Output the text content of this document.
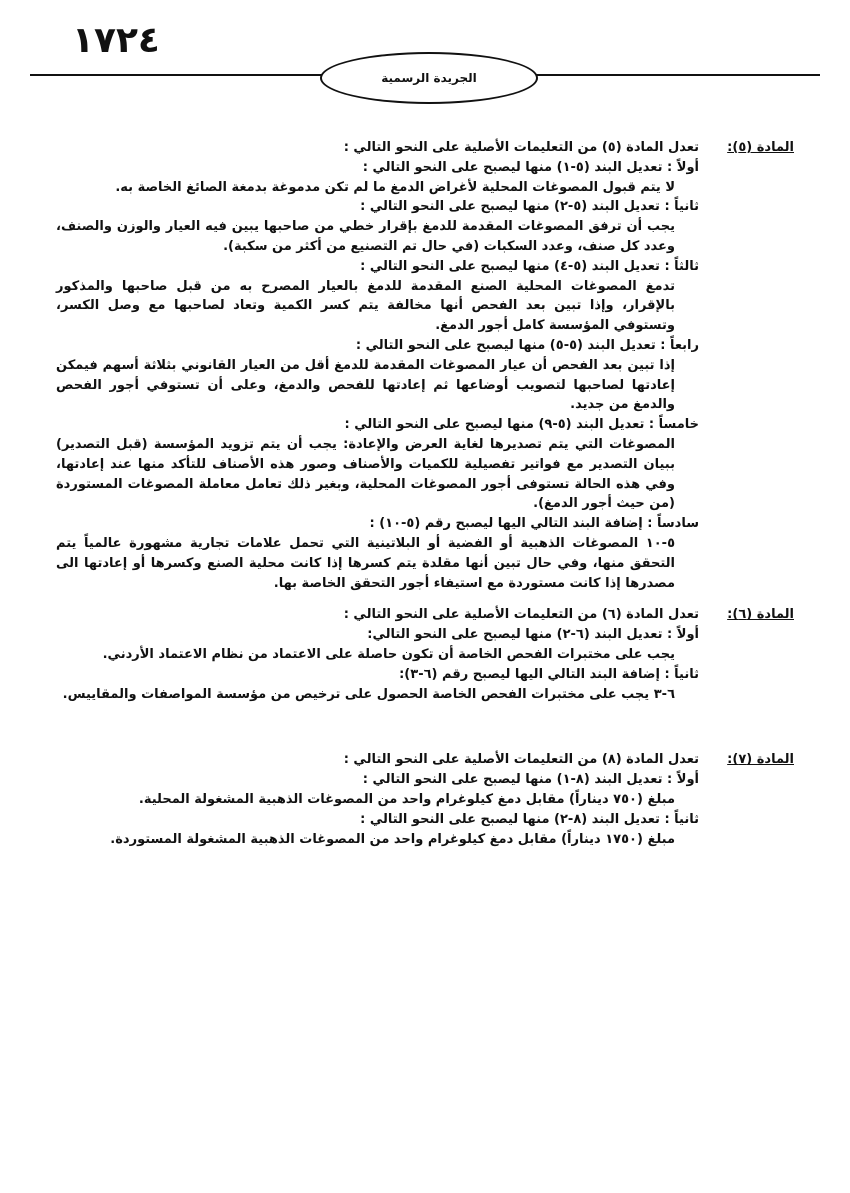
١٧٢٤
الجريدة الرسمية
المادة (٥):
تعدل المادة (٥) من التعليمات الأصلية على النحو التالي :
أولاً : تعديل البند (٥-١) منها ليصبح على النحو التالي :
لا يتم قبول المصوغات المحلية لأغراض الدمغ ما لم تكن مدموغة بدمغة الصائغ الخاصة به.
ثانياً : تعديل البند (٥-٢) منها ليصبح على النحو التالي :
يجب أن ترفق المصوغات المقدمة للدمغ بإقرار خطي من صاحبها يبين فيه العيار والوزن والصنف، وعدد كل صنف، وعدد السكبات (في حال تم التصنيع من أكثر من سكبة).
ثالثاً : تعديل البند (٥-٤) منها ليصبح على النحو التالي :
تدمغ المصوغات المحلية الصنع المقدمة للدمغ بالعيار المصرح به من قبل صاحبها والمذكور بالإقرار، وإذا تبين بعد الفحص أنها مخالفة يتم كسر الكمية وتعاد لصاحبها مع وصل الكسر، وتستوفي المؤسسة كامل أجور الدمغ.
رابعاً : تعديل البند (٥-٥) منها ليصبح على النحو التالي :
إذا تبين بعد الفحص أن عيار المصوغات المقدمة للدمغ أقل من العيار القانوني بثلاثة أسهم فيمكن إعادتها لصاحبها لتصويب أوضاعها ثم إعادتها للفحص والدمغ، وعلى أن تستوفي أجور الفحص والدمغ من جديد.
خامساً : تعديل البند (٥-٩) منها ليصبح على النحو التالي :
المصوغات التي يتم تصديرها لغاية العرض والإعادة: يجب أن يتم تزويد المؤسسة (قبل التصدير) ببيان التصدير مع فواتير تفصيلية للكميات والأصناف وصور هذه الأصناف للتأكد منها عند إعادتها، وفي هذه الحالة تستوفى أجور المصوغات المحلية، وبغير ذلك تعامل معاملة المصوغات المستوردة (من حيث أجور الدمغ).
سادساً : إضافة البند التالي اليها ليصبح رقم (٥-١٠) :
٥-١٠ المصوغات الذهبية أو الفضية أو البلاتينية التي تحمل علامات تجارية مشهورة عالمياً يتم التحقق منها، وفي حال تبين أنها مقلدة يتم كسرها إذا كانت محلية الصنع وكسرها أو إعادتها الى مصدرها إذا كانت مستوردة مع استيفاء أجور التحقق الخاصة بها.
المادة (٦):
تعدل المادة (٦) من التعليمات الأصلية على النحو التالي :
أولاً : تعديل البند (٦-٢) منها ليصبح على النحو التالي:
يجب على مختبرات الفحص الخاصة أن تكون حاصلة على الاعتماد من نظام الاعتماد الأردني.
ثانياً : إضافة البند التالي اليها ليصبح رقم (٦-٣):
٦-٣ يجب على مختبرات الفحص الخاصة الحصول على ترخيص من مؤسسة المواصفات والمقاييس.
المادة (٧):
تعدل المادة (٨) من التعليمات الأصلية على النحو التالي :
أولاً : تعديل البند (٨-١) منها ليصبح على النحو التالي :
مبلغ (٧٥٠ ديناراً) مقابل دمغ كيلوغرام واحد من المصوغات الذهبية المشغولة المحلية.
ثانياً : تعديل البند (٨-٢) منها ليصبح على النحو التالي :
مبلغ (١٧٥٠ ديناراً) مقابل دمغ كيلوغرام واحد من المصوغات الذهبية المشغولة المستوردة.
